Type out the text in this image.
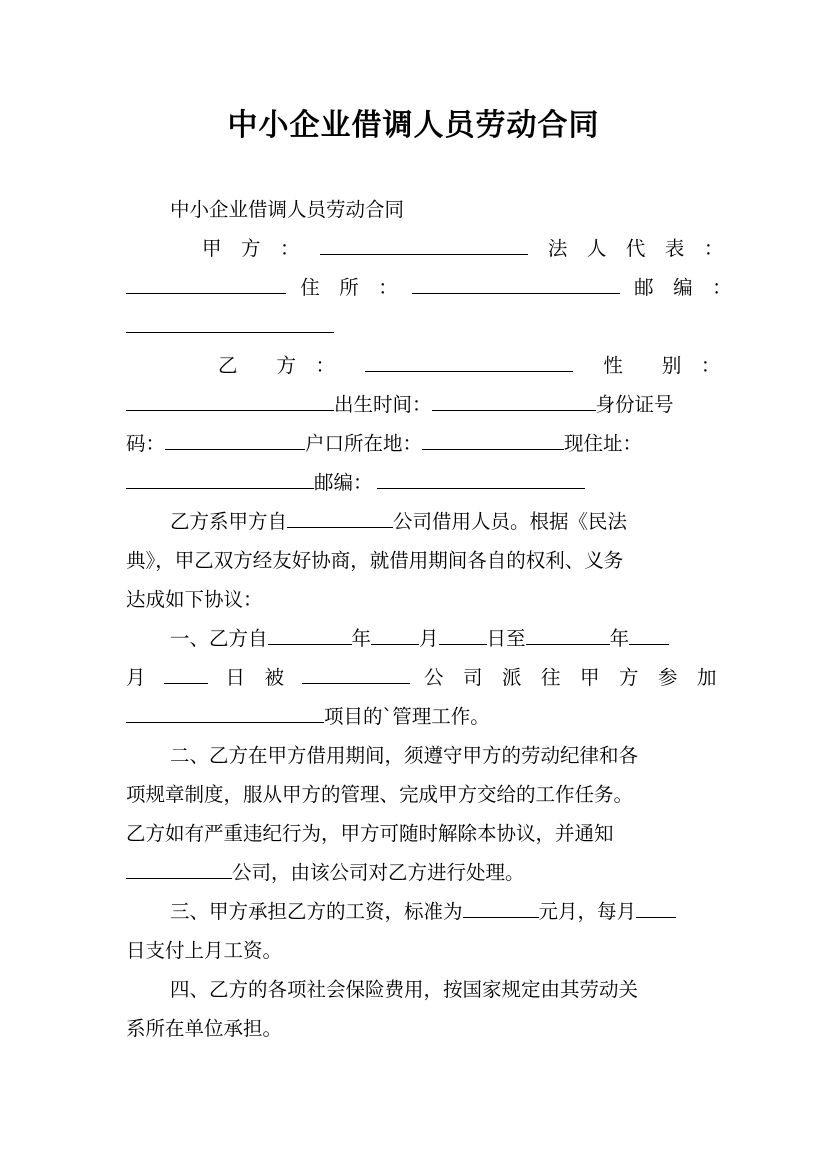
中小企业借调人员劳动合同

中小企业借调人员劳动合同

甲　方　：	法　人　代　表　：

住　所　：	邮　编　：

乙　　方　：	性　　别　：

出生时间：	身份证号

码：	户口所在地：	现住址：

邮编：

乙方系甲方自	公司借用人员。根据《民法

典》，甲乙双方经友好协商，就借用期间各自的权利、义务

达成如下协议：

一、乙方自	年 月 日至	年

月	日　被	公　司　派　往　甲　方　参　加

项目的`管理工作。

二、乙方在甲方借用期间，须遵守甲方的劳动纪律和各

项规章制度，服从甲方的管理、完成甲方交给的工作任务。

乙方如有严重违纪行为，甲方可随时解除本协议，并通知

公司，由该公司对乙方进行处理。

三、甲方承担乙方的工资，标准为	元月，每月

日支付上月工资。

四、乙方的各项社会保险费用，按国家规定由其劳动关

系所在单位承担。
